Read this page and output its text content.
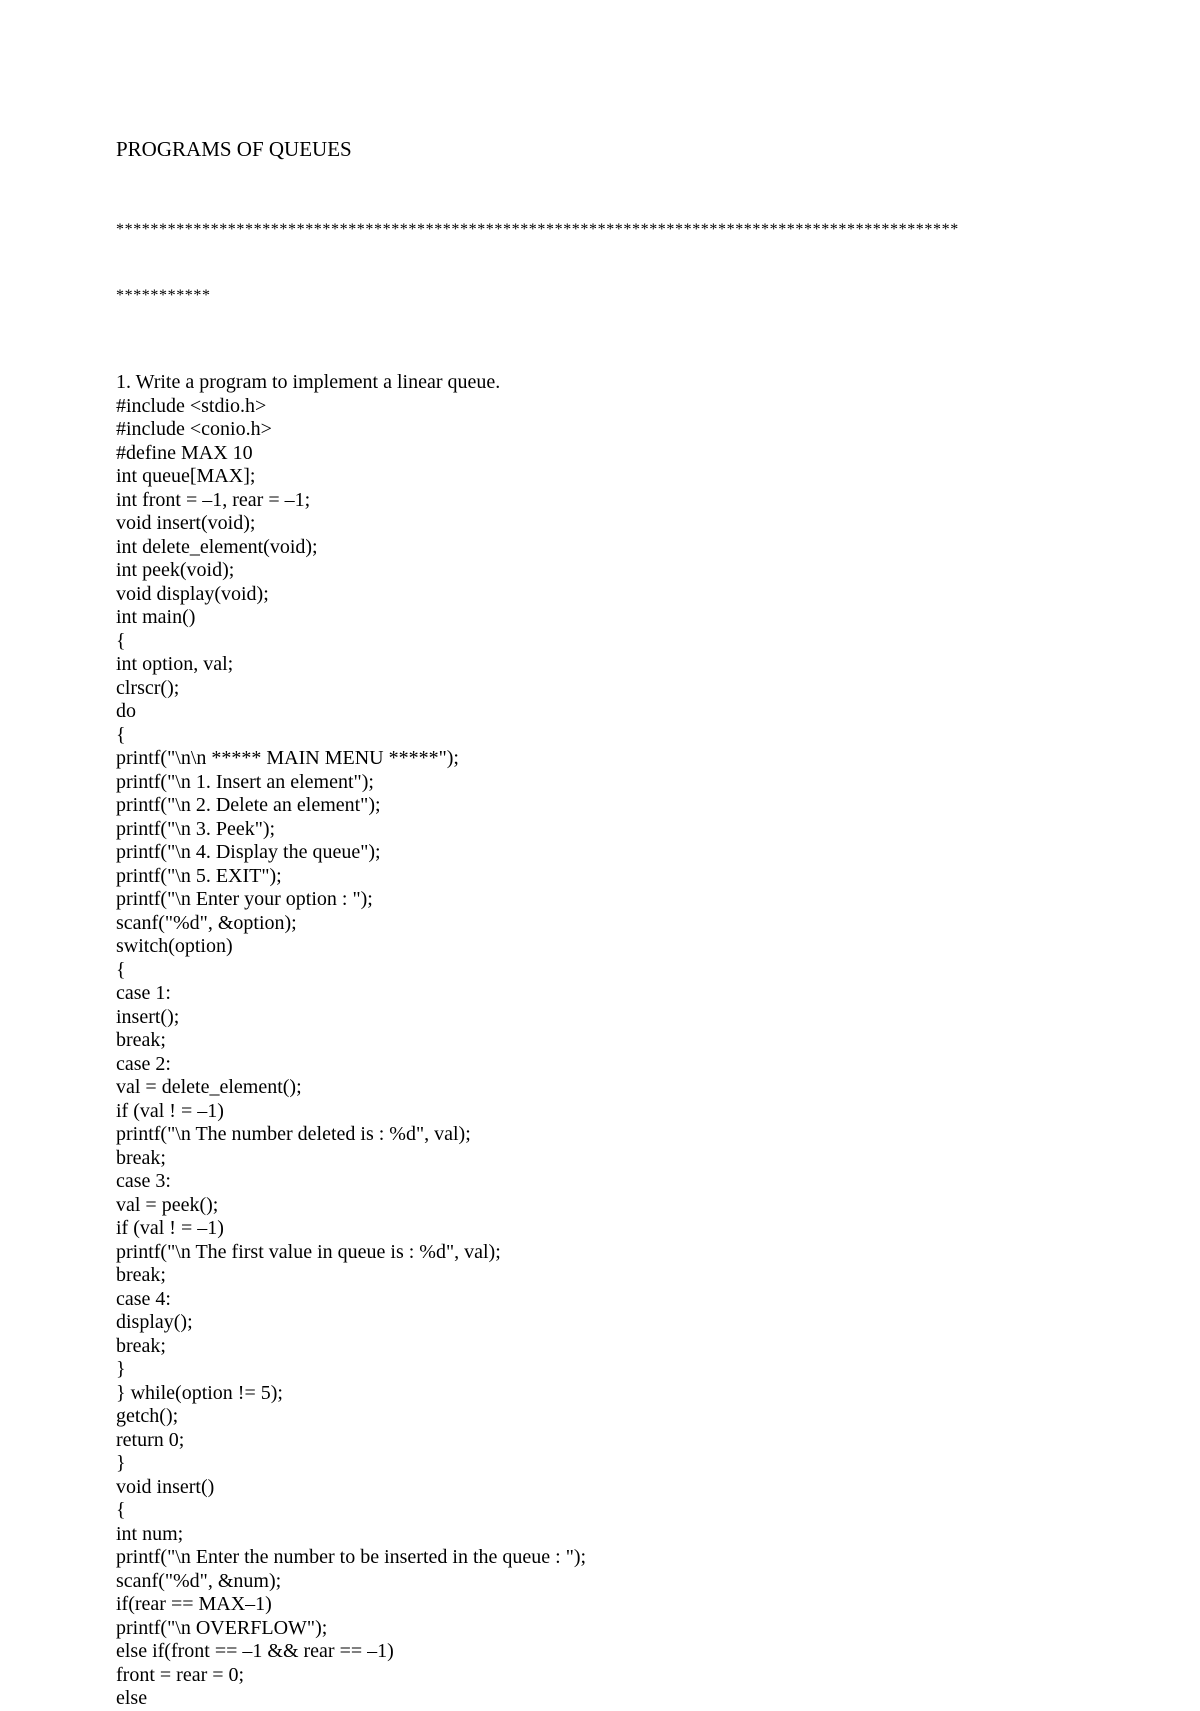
PROGRAMS OF QUEUES

**************************************************************************************************

***********

1. Write a program to implement a linear queue.
#include <stdio.h>
#include <conio.h>
#define MAX 10
int queue[MAX];
int front = –1, rear = –1;
void insert(void);
int delete_element(void);
int peek(void);
void display(void);
int main()
{
int option, val;
clrscr();
do
{
printf("\n\n ***** MAIN MENU *****");
printf("\n 1. Insert an element");
printf("\n 2. Delete an element");
printf("\n 3. Peek");
printf("\n 4. Display the queue");
printf("\n 5. EXIT");
printf("\n Enter your option : ");
scanf("%d", &option);
switch(option)
{
case 1:
insert();
break;
case 2:
val = delete_element();
if (val ! = –1)
printf("\n The number deleted is : %d", val);
break;
case 3:
val = peek();
if (val ! = –1)
printf("\n The first value in queue is : %d", val);
break;
case 4:
display();
break;
}
} while(option != 5);
getch();
return 0;
}
void insert()
{
int num;
printf("\n Enter the number to be inserted in the queue : ");
scanf("%d", &num);
if(rear == MAX–1)
printf("\n OVERFLOW");
else if(front == –1 && rear == –1)
front = rear = 0;
else
